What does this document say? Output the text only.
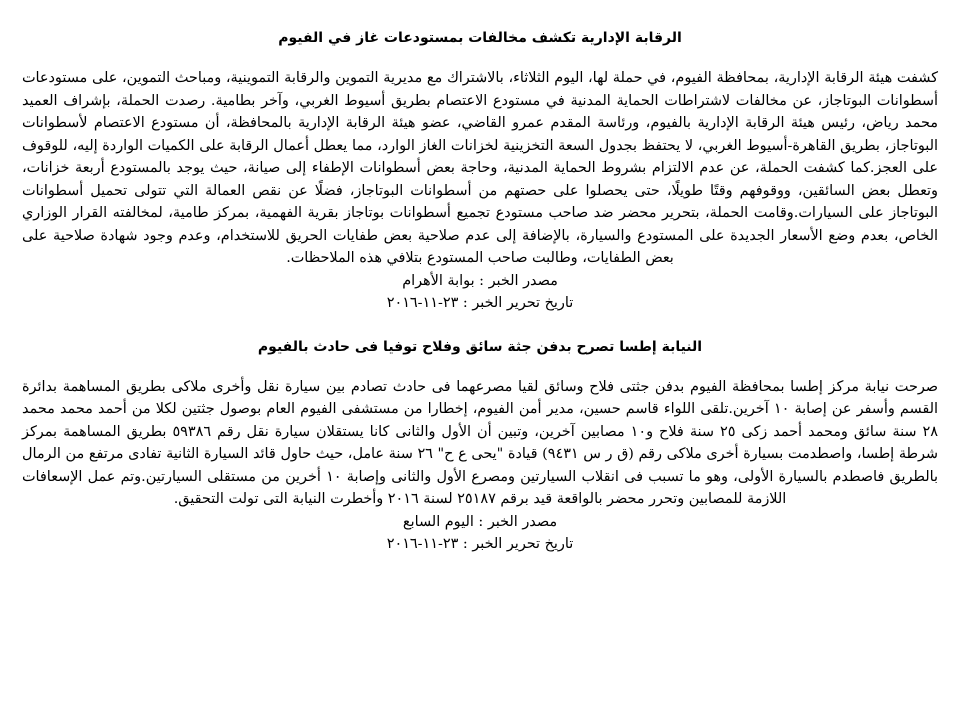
الرقابة الإدارية تكشف مخالفات بمستودعات غاز في الفيوم

كشفت هيئة الرقابة الإدارية، بمحافظة الفيوم، في حملة لها، اليوم الثلاثاء، بالاشتراك مع مديرية التموين والرقابة التموينية، ومباحث التموين، على مستودعات أسطوانات البوتاجاز، عن مخالفات لاشتراطات الحماية المدنية في مستودع الاعتصام بطريق أسيوط الغربي، وآخر بطامية. رصدت الحملة، بإشراف العميد محمد رياض، رئيس هيئة الرقابة الإدارية بالفيوم، ورئاسة المقدم عمرو القاضي، عضو هيئة الرقابة الإدارية بالمحافظة، أن مستودع الاعتصام لأسطوانات البوتاجاز، بطريق القاهرة-أسيوط الغربي، لا يحتفظ بجدول السعة التخزينية لخزانات الغاز الوارد، مما يعطل أعمال الرقابة على الكميات الواردة إليه، للوقوف على العجز.كما كشفت الحملة، عن عدم الالتزام بشروط الحماية المدنية، وحاجة بعض أسطوانات الإطفاء إلى صيانة، حيث يوجد بالمستودع أربعة خزانات، وتعطل بعض السائقين، ووقوفهم وقتًا طويلًا، حتى يحصلوا على حصتهم من أسطوانات البوتاجاز، فضلًا عن نقص العمالة التي تتولى تحميل أسطوانات البوتاجاز على السيارات.وقامت الحملة، بتحرير محضر ضد صاحب مستودع تجميع أسطوانات بوتاجاز بقرية الفهمية، بمركز طامية، لمخالفته القرار الوزاري الخاص، بعدم وضع الأسعار الجديدة على المستودع والسيارة، بالإضافة إلى عدم صلاحية بعض طفايات الحريق للاستخدام، وعدم وجود شهادة صلاحية على بعض الطفايات، وطالبت صاحب المستودع بتلافي هذه الملاحظات.

مصدر الخبر : بوابة الأهرام

تاريخ تحرير الخبر : ٢٣-١١-٢٠١٦

النيابة إطسا تصرح بدفن جثة سائق وفلاح توفيا فى حادث بالفيوم

صرحت نيابة مركز إطسا بمحافظة الفيوم بدفن جثتى فلاح وسائق لقيا مصرعهما فى حادث تصادم بين سيارة نقل وأخرى ملاكى بطريق المساهمة بدائرة القسم وأسفر عن إصابة ١٠ آخرين.تلقى اللواء قاسم حسين، مدير أمن الفيوم، إخطارا من مستشفى الفيوم العام بوصول جثتين لكلا من أحمد محمد محمد ٢٨ سنة سائق ومحمد أحمد زكى ٢٥ سنة فلاح و١٠ مصابين آخرين، وتبين أن الأول والثانى كانا يستقلان سيارة نقل رقم ٥٩٣٨٦ بطريق المساهمة بمركز شرطة إطسا، واصطدمت بسيارة أخرى ملاكى رقم (ق ر س ٩٤٣١) قيادة "يحى ع ح" ٢٦ سنة عامل، حيث حاول قائد السيارة الثانية تفادى مرتفع من الرمال بالطريق فاصطدم بالسيارة الأولى، وهو ما تسبب فى انقلاب السيارتين ومصرع الأول والثانى وإصابة ١٠ أخرين من مستقلى السيارتين.وتم عمل الإسعافات اللازمة للمصابين وتحرر محضر بالواقعة قيد برقم ٢٥١٨٧ لسنة ٢٠١٦ وأخطرت النيابة التى تولت التحقيق.

مصدر الخبر : اليوم السابع

تاريخ تحرير الخبر : ٢٣-١١-٢٠١٦
